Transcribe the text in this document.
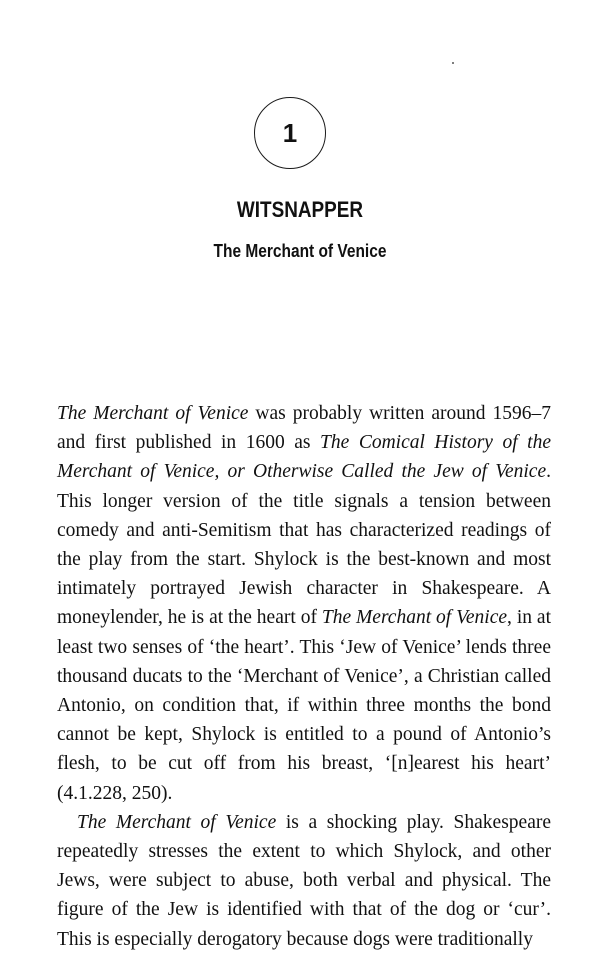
1
WITSNAPPER
The Merchant of Venice

The Merchant of Venice was probably written around 1596–7 and first published in 1600 as The Comical History of the Merchant of Venice, or Otherwise Called the Jew of Venice. This longer version of the title signals a tension between comedy and anti-Semitism that has characterized readings of the play from the start. Shylock is the best-known and most intimately portrayed Jewish character in Shakespeare. A moneylender, he is at the heart of The Merchant of Venice, in at least two senses of ‘the heart’. This ‘Jew of Venice’ lends three thousand ducats to the ‘Merchant of Venice’, a Christian called Antonio, on condition that, if within three months the bond cannot be kept, Shylock is entitled to a pound of Antonio’s flesh, to be cut off from his breast, ‘[n]earest his heart’ (4.1.228, 250).

The Merchant of Venice is a shocking play. Shakespeare repeatedly stresses the extent to which Shylock, and other Jews, were subject to abuse, both verbal and physical. The figure of the Jew is identified with that of the dog or ‘cur’. This is especially derogatory because dogs were traditionally
